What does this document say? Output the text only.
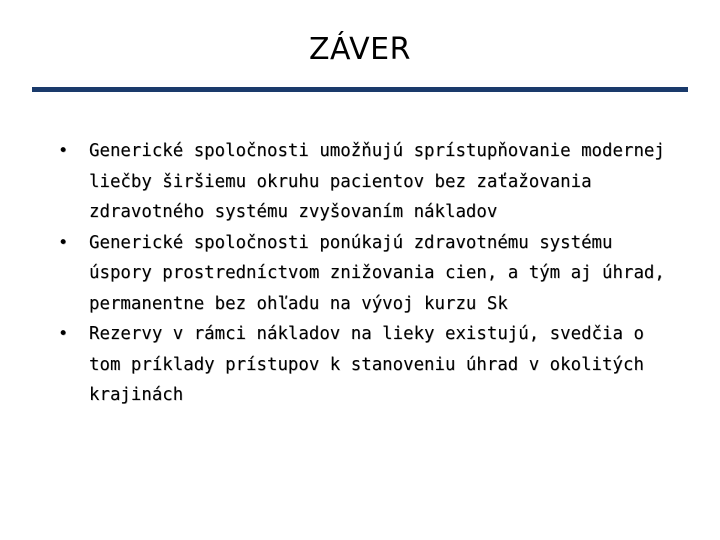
ZÁVER
• Generické spoločnosti umožňujú sprístupňovanie modernej liečby širšiemu okruhu pacientov bez zaťažovania zdravotného systému zvyšovaním nákladov
• Generické spoločnosti ponúkajú zdravotnému systému úspory prostredníctvom znižovania cien, a tým aj úhrad, permanentne bez ohľadu na vývoj kurzu Sk
• Rezervy v rámci nákladov na lieky existujú, svedčia o tom príklady prístupov k stanoveniu úhrad v okolitých krajinách
